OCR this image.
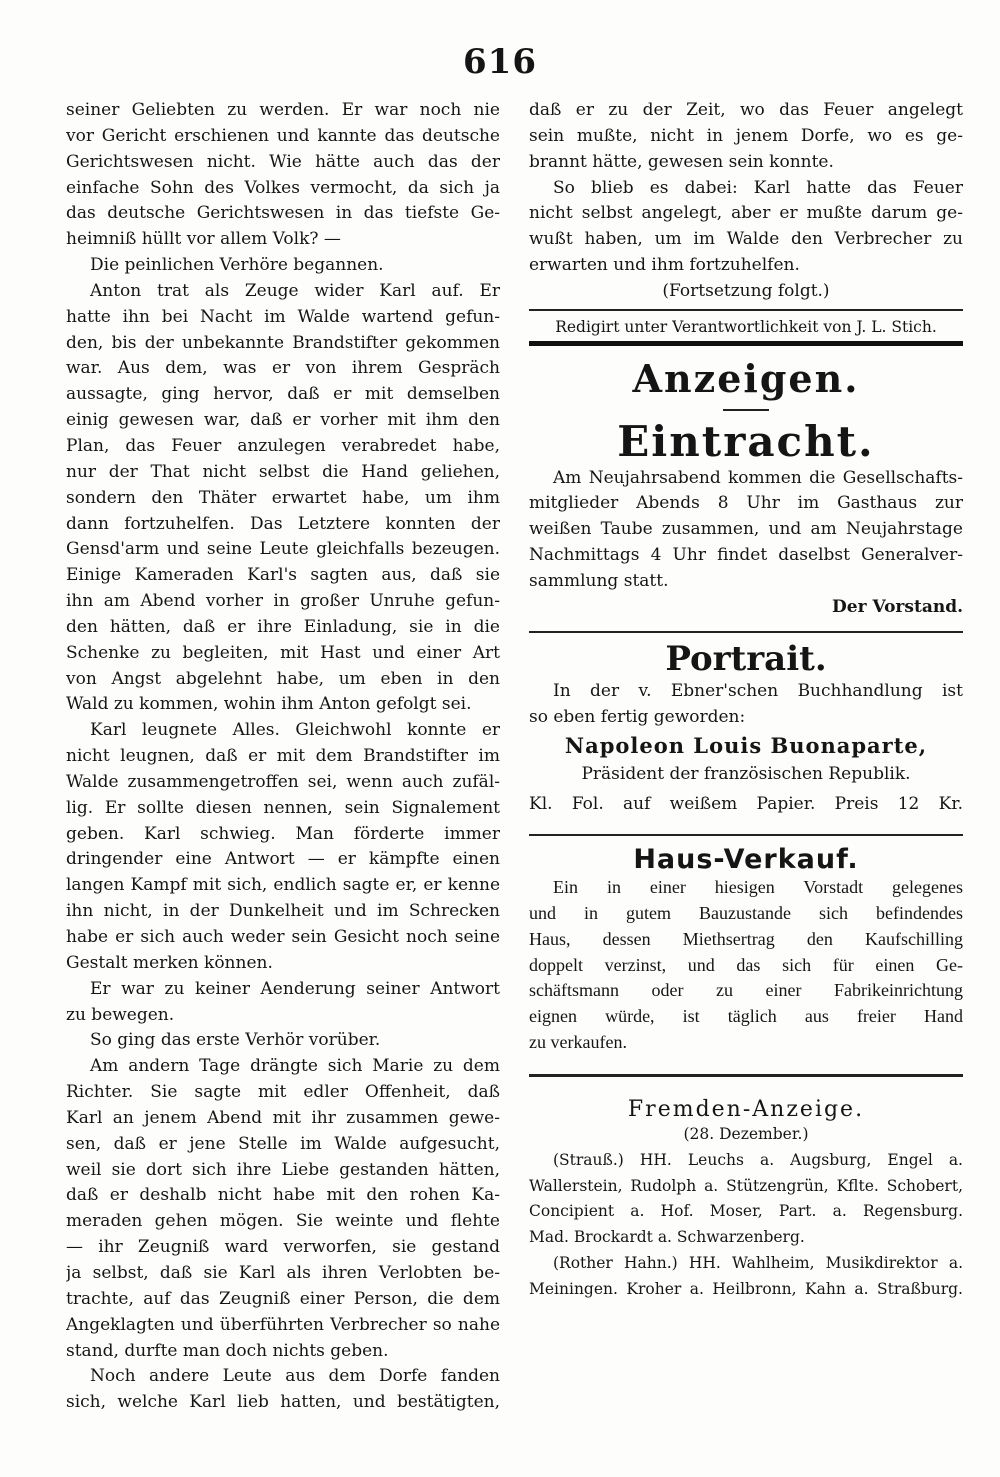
616
seiner Geliebten zu werden. Er war noch nie
vor Gericht erschienen und kannte das deutsche
Gerichtswesen nicht. Wie hätte auch das der
einfache Sohn des Volkes vermocht, da sich ja
das deutsche Gerichtswesen in das tiefste Ge-
heimniß hüllt vor allem Volk? —
Die peinlichen Verhöre begannen.
Anton trat als Zeuge wider Karl auf. Er
hatte ihn bei Nacht im Walde wartend gefun-
den, bis der unbekannte Brandstifter gekommen
war. Aus dem, was er von ihrem Gespräch
aussagte, ging hervor, daß er mit demselben
einig gewesen war, daß er vorher mit ihm den
Plan, das Feuer anzulegen verabredet habe,
nur der That nicht selbst die Hand geliehen,
sondern den Thäter erwartet habe, um ihm
dann fortzuhelfen. Das Letztere konnten der
Gensd'arm und seine Leute gleichfalls bezeugen.
Einige Kameraden Karl's sagten aus, daß sie
ihn am Abend vorher in großer Unruhe gefun-
den hätten, daß er ihre Einladung, sie in die
Schenke zu begleiten, mit Hast und einer Art
von Angst abgelehnt habe, um eben in den
Wald zu kommen, wohin ihm Anton gefolgt sei.
Karl leugnete Alles. Gleichwohl konnte er
nicht leugnen, daß er mit dem Brandstifter im
Walde zusammengetroffen sei, wenn auch zufäl-
lig. Er sollte diesen nennen, sein Signalement
geben. Karl schwieg. Man förderte immer
dringender eine Antwort — er kämpfte einen
langen Kampf mit sich, endlich sagte er, er kenne
ihn nicht, in der Dunkelheit und im Schrecken
habe er sich auch weder sein Gesicht noch seine
Gestalt merken können.
Er war zu keiner Aenderung seiner Antwort
zu bewegen.
So ging das erste Verhör vorüber.
Am andern Tage drängte sich Marie zu dem
Richter. Sie sagte mit edler Offenheit, daß
Karl an jenem Abend mit ihr zusammen gewe-
sen, daß er jene Stelle im Walde aufgesucht,
weil sie dort sich ihre Liebe gestanden hätten,
daß er deshalb nicht habe mit den rohen Ka-
meraden gehen mögen. Sie weinte und flehte
— ihr Zeugniß ward verworfen, sie gestand
ja selbst, daß sie Karl als ihren Verlobten be-
trachte, auf das Zeugniß einer Person, die dem
Angeklagten und überführten Verbrecher so nahe
stand, durfte man doch nichts geben.
Noch andere Leute aus dem Dorfe fanden
sich, welche Karl lieb hatten, und bestätigten,
daß er zu der Zeit, wo das Feuer angelegt
sein mußte, nicht in jenem Dorfe, wo es ge-
brannt hätte, gewesen sein konnte.
So blieb es dabei: Karl hatte das Feuer
nicht selbst angelegt, aber er mußte darum ge-
wußt haben, um im Walde den Verbrecher zu
erwarten und ihm fortzuhelfen.
(Fortsetzung folgt.)
Redigirt unter Verantwortlichkeit von J. L. Stich.
Anzeigen.
Eintracht.
Am Neujahrsabend kommen die Gesellschafts-
mitglieder Abends 8 Uhr im Gasthaus zur
weißen Taube zusammen, und am Neujahrstage
Nachmittags 4 Uhr findet daselbst Generalver-
sammlung statt.
Der Vorstand.
Portrait.
In der v. Ebner'schen Buchhandlung ist
so eben fertig geworden:
Napoleon Louis Buonaparte,
Präsident der französischen Republik.
Kl. Fol. auf weißem Papier. Preis 12 Kr.
Haus-Verkauf.
Ein in einer hiesigen Vorstadt gelegenes
und in gutem Bauzustande sich befindendes
Haus, dessen Miethsertrag den Kaufschilling
doppelt verzinst, und das sich für einen Ge-
schäftsmann oder zu einer Fabrikeinrichtung
eignen würde, ist täglich aus freier Hand
zu verkaufen.
Fremden-Anzeige.
(28. Dezember.)
(Strauß.) HH. Leuchs a. Augsburg, Engel a.
Wallerstein, Rudolph a. Stützengrün, Kflte. Schobert,
Concipient a. Hof. Moser, Part. a. Regensburg.
Mad. Brockardt a. Schwarzenberg.
(Rother Hahn.) HH. Wahlheim, Musikdirektor a.
Meiningen. Kroher a. Heilbronn, Kahn a. Straßburg.
